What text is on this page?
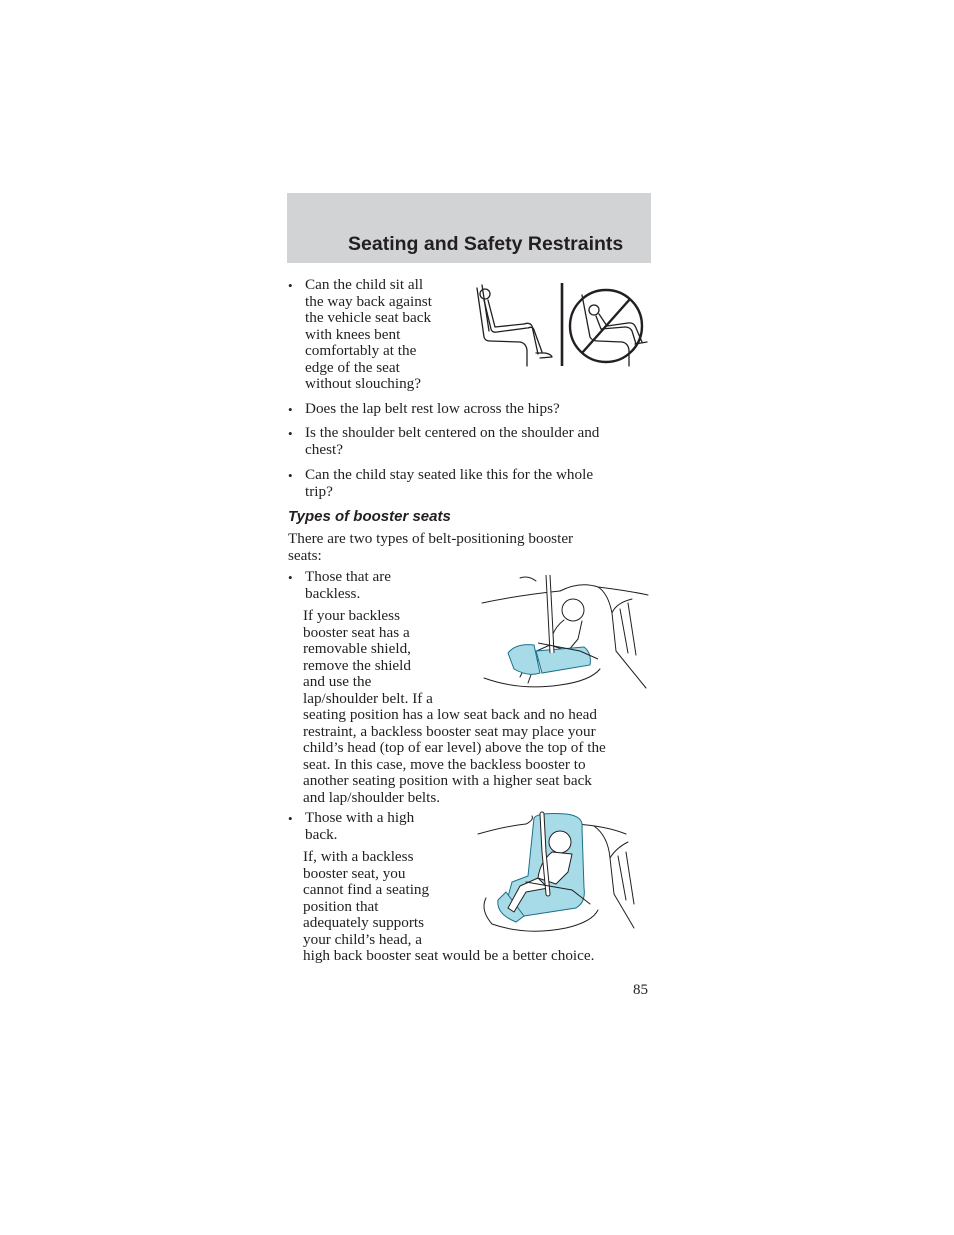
Seating and Safety Restraints
• Can the child sit all
the way back against
the vehicle seat back
with knees bent
comfortably at the
edge of the seat
without slouching?
• Does the lap belt rest low across the hips?
• Is the shoulder belt centered on the shoulder and
chest?
• Can the child stay seated like this for the whole
trip?
Types of booster seats
There are two types of belt-positioning booster
seats:
• Those that are
backless.
If your backless
booster seat has a
removable shield,
remove the shield
and use the
lap/shoulder belt. If a
seating position has a low seat back and no head
restraint, a backless booster seat may place your
child’s head (top of ear level) above the top of the
seat. In this case, move the backless booster to
another seating position with a higher seat back
and lap/shoulder belts.
• Those with a high
back.
If, with a backless
booster seat, you
cannot find a seating
position that
adequately supports
your child’s head, a
high back booster seat would be a better choice.
85
